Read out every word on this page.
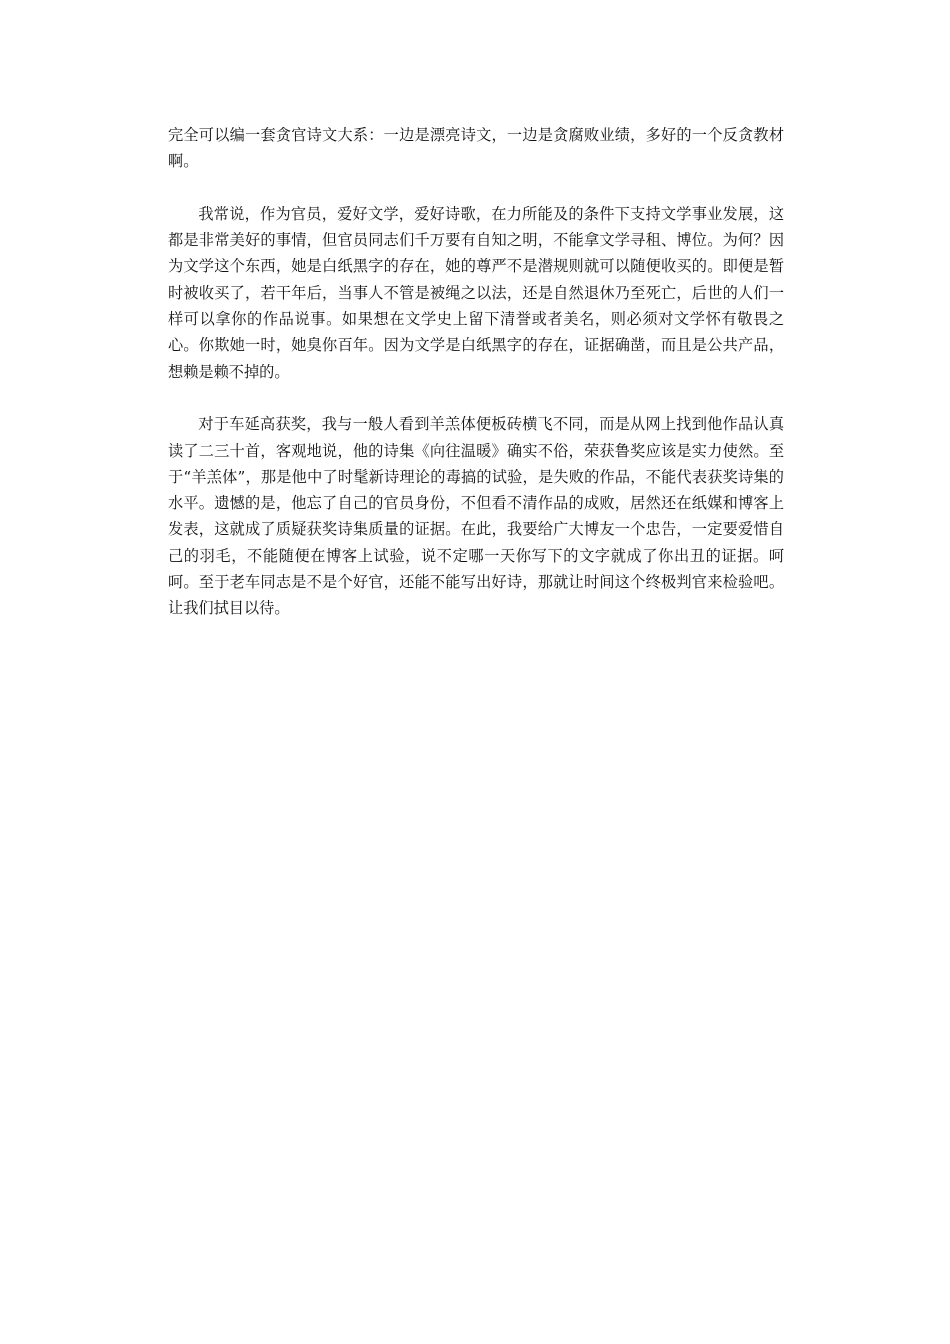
完全可以编一套贪官诗文大系：一边是漂亮诗文，一边是贪腐败业绩，多好的一个反贪教材啊。

我常说，作为官员，爱好文学，爱好诗歌，在力所能及的条件下支持文学事业发展，这都是非常美好的事情，但官员同志们千万要有自知之明，不能拿文学寻租、博位。为何？因为文学这个东西，她是白纸黑字的存在，她的尊严不是潜规则就可以随便收买的。即便是暂时被收买了，若干年后，当事人不管是被绳之以法，还是自然退休乃至死亡，后世的人们一样可以拿你的作品说事。如果想在文学史上留下清誉或者美名，则必须对文学怀有敬畏之心。你欺她一时，她臭你百年。因为文学是白纸黑字的存在，证据确凿，而且是公共产品，想赖是赖不掉的。

对于车延高获奖，我与一般人看到羊羔体便板砖横飞不同，而是从网上找到他作品认真读了二三十首，客观地说，他的诗集《向往温暖》确实不俗，荣获鲁奖应该是实力使然。至于“羊羔体”，那是他中了时髦新诗理论的毒搞的试验，是失败的作品，不能代表获奖诗集的水平。遗憾的是，他忘了自己的官员身份，不但看不清作品的成败，居然还在纸媒和博客上发表，这就成了质疑获奖诗集质量的证据。在此，我要给广大博友一个忠告，一定要爱惜自己的羽毛，不能随便在博客上试验，说不定哪一天你写下的文字就成了你出丑的证据。呵呵。至于老车同志是不是个好官，还能不能写出好诗，那就让时间这个终极判官来检验吧。让我们拭目以待。
